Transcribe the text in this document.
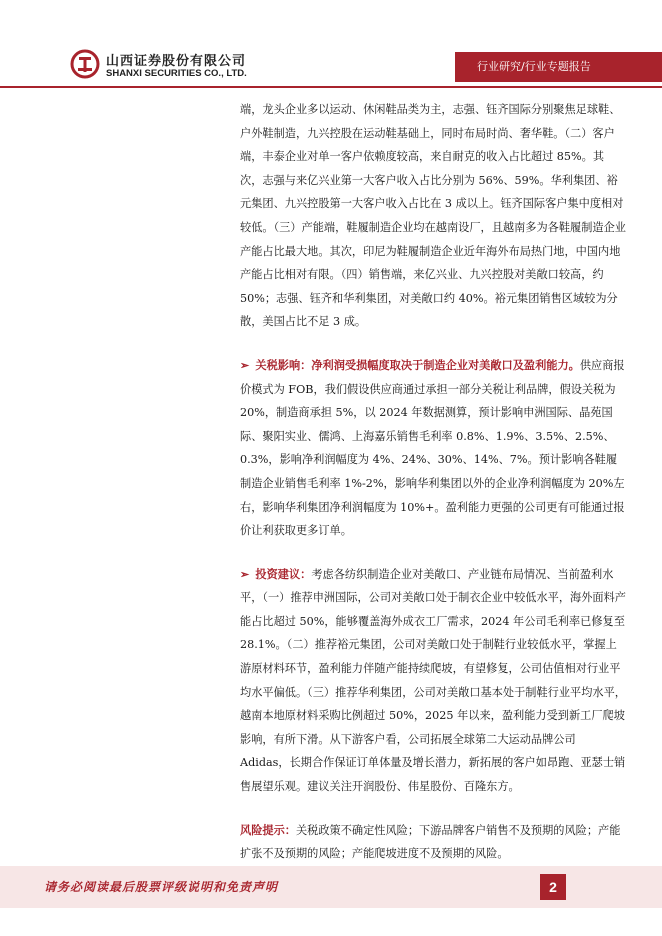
山西证券股份有限公司
SHANXI SECURITIES CO., LTD.
行业研究/行业专题报告

端，龙头企业多以运动、休闲鞋品类为主，志强、钰齐国际分别聚焦足球鞋、户外鞋制造，九兴控股在运动鞋基础上，同时布局时尚、奢华鞋。（二）客户端，丰泰企业对单一客户依赖度较高，来自耐克的收入占比超过 85%。其次，志强与来亿兴业第一大客户收入占比分别为 56%、59%。华利集团、裕元集团、九兴控股第一大客户收入占比在 3 成以上。钰齐国际客户集中度相对较低。（三）产能端，鞋履制造企业均在越南设厂，且越南多为各鞋履制造企业产能占比最大地。其次，印尼为鞋履制造企业近年海外布局热门地，中国内地产能占比相对有限。（四）销售端，来亿兴业、九兴控股对美敞口较高，约 50%；志强、钰齐和华利集团，对美敞口约 40%。裕元集团销售区域较为分散，美国占比不足 3 成。

➢ 关税影响：净利润受损幅度取决于制造企业对美敞口及盈利能力。供应商报价模式为 FOB，我们假设供应商通过承担一部分关税让利品牌，假设关税为 20%，制造商承担 5%，以 2024 年数据测算，预计影响申洲国际、晶苑国际、聚阳实业、儒鸿、上海嘉乐销售毛利率 0.8%、1.9%、3.5%、2.5%、0.3%，影响净利润幅度为 4%、24%、30%、14%、7%。预计影响各鞋履制造企业销售毛利率 1%-2%，影响华利集团以外的企业净利润幅度为 20%左右，影响华利集团净利润幅度为 10%+。盈利能力更强的公司更有可能通过报价让利获取更多订单。

➢ 投资建议：考虑各纺织制造企业对美敞口、产业链布局情况、当前盈利水平，（一）推荐申洲国际，公司对美敞口处于制衣企业中较低水平，海外面料产能占比超过 50%，能够覆盖海外成衣工厂需求，2024 年公司毛利率已修复至 28.1%。（二）推荐裕元集团，公司对美敞口处于制鞋行业较低水平，掌握上游原材料环节，盈利能力伴随产能持续爬坡，有望修复，公司估值相对行业平均水平偏低。（三）推荐华利集团，公司对美敞口基本处于制鞋行业平均水平，越南本地原材料采购比例超过 50%，2025 年以来，盈利能力受到新工厂爬坡影响，有所下滑。从下游客户看，公司拓展全球第二大运动品牌公司 Adidas，长期合作保证订单体量及增长潜力，新拓展的客户如昂跑、亚瑟士销售展望乐观。建议关注开润股份、伟星股份、百隆东方。

风险提示：关税政策不确定性风险；下游品牌客户销售不及预期的风险；产能扩张不及预期的风险；产能爬坡进度不及预期的风险。

请务必阅读最后股票评级说明和免责声明	2
